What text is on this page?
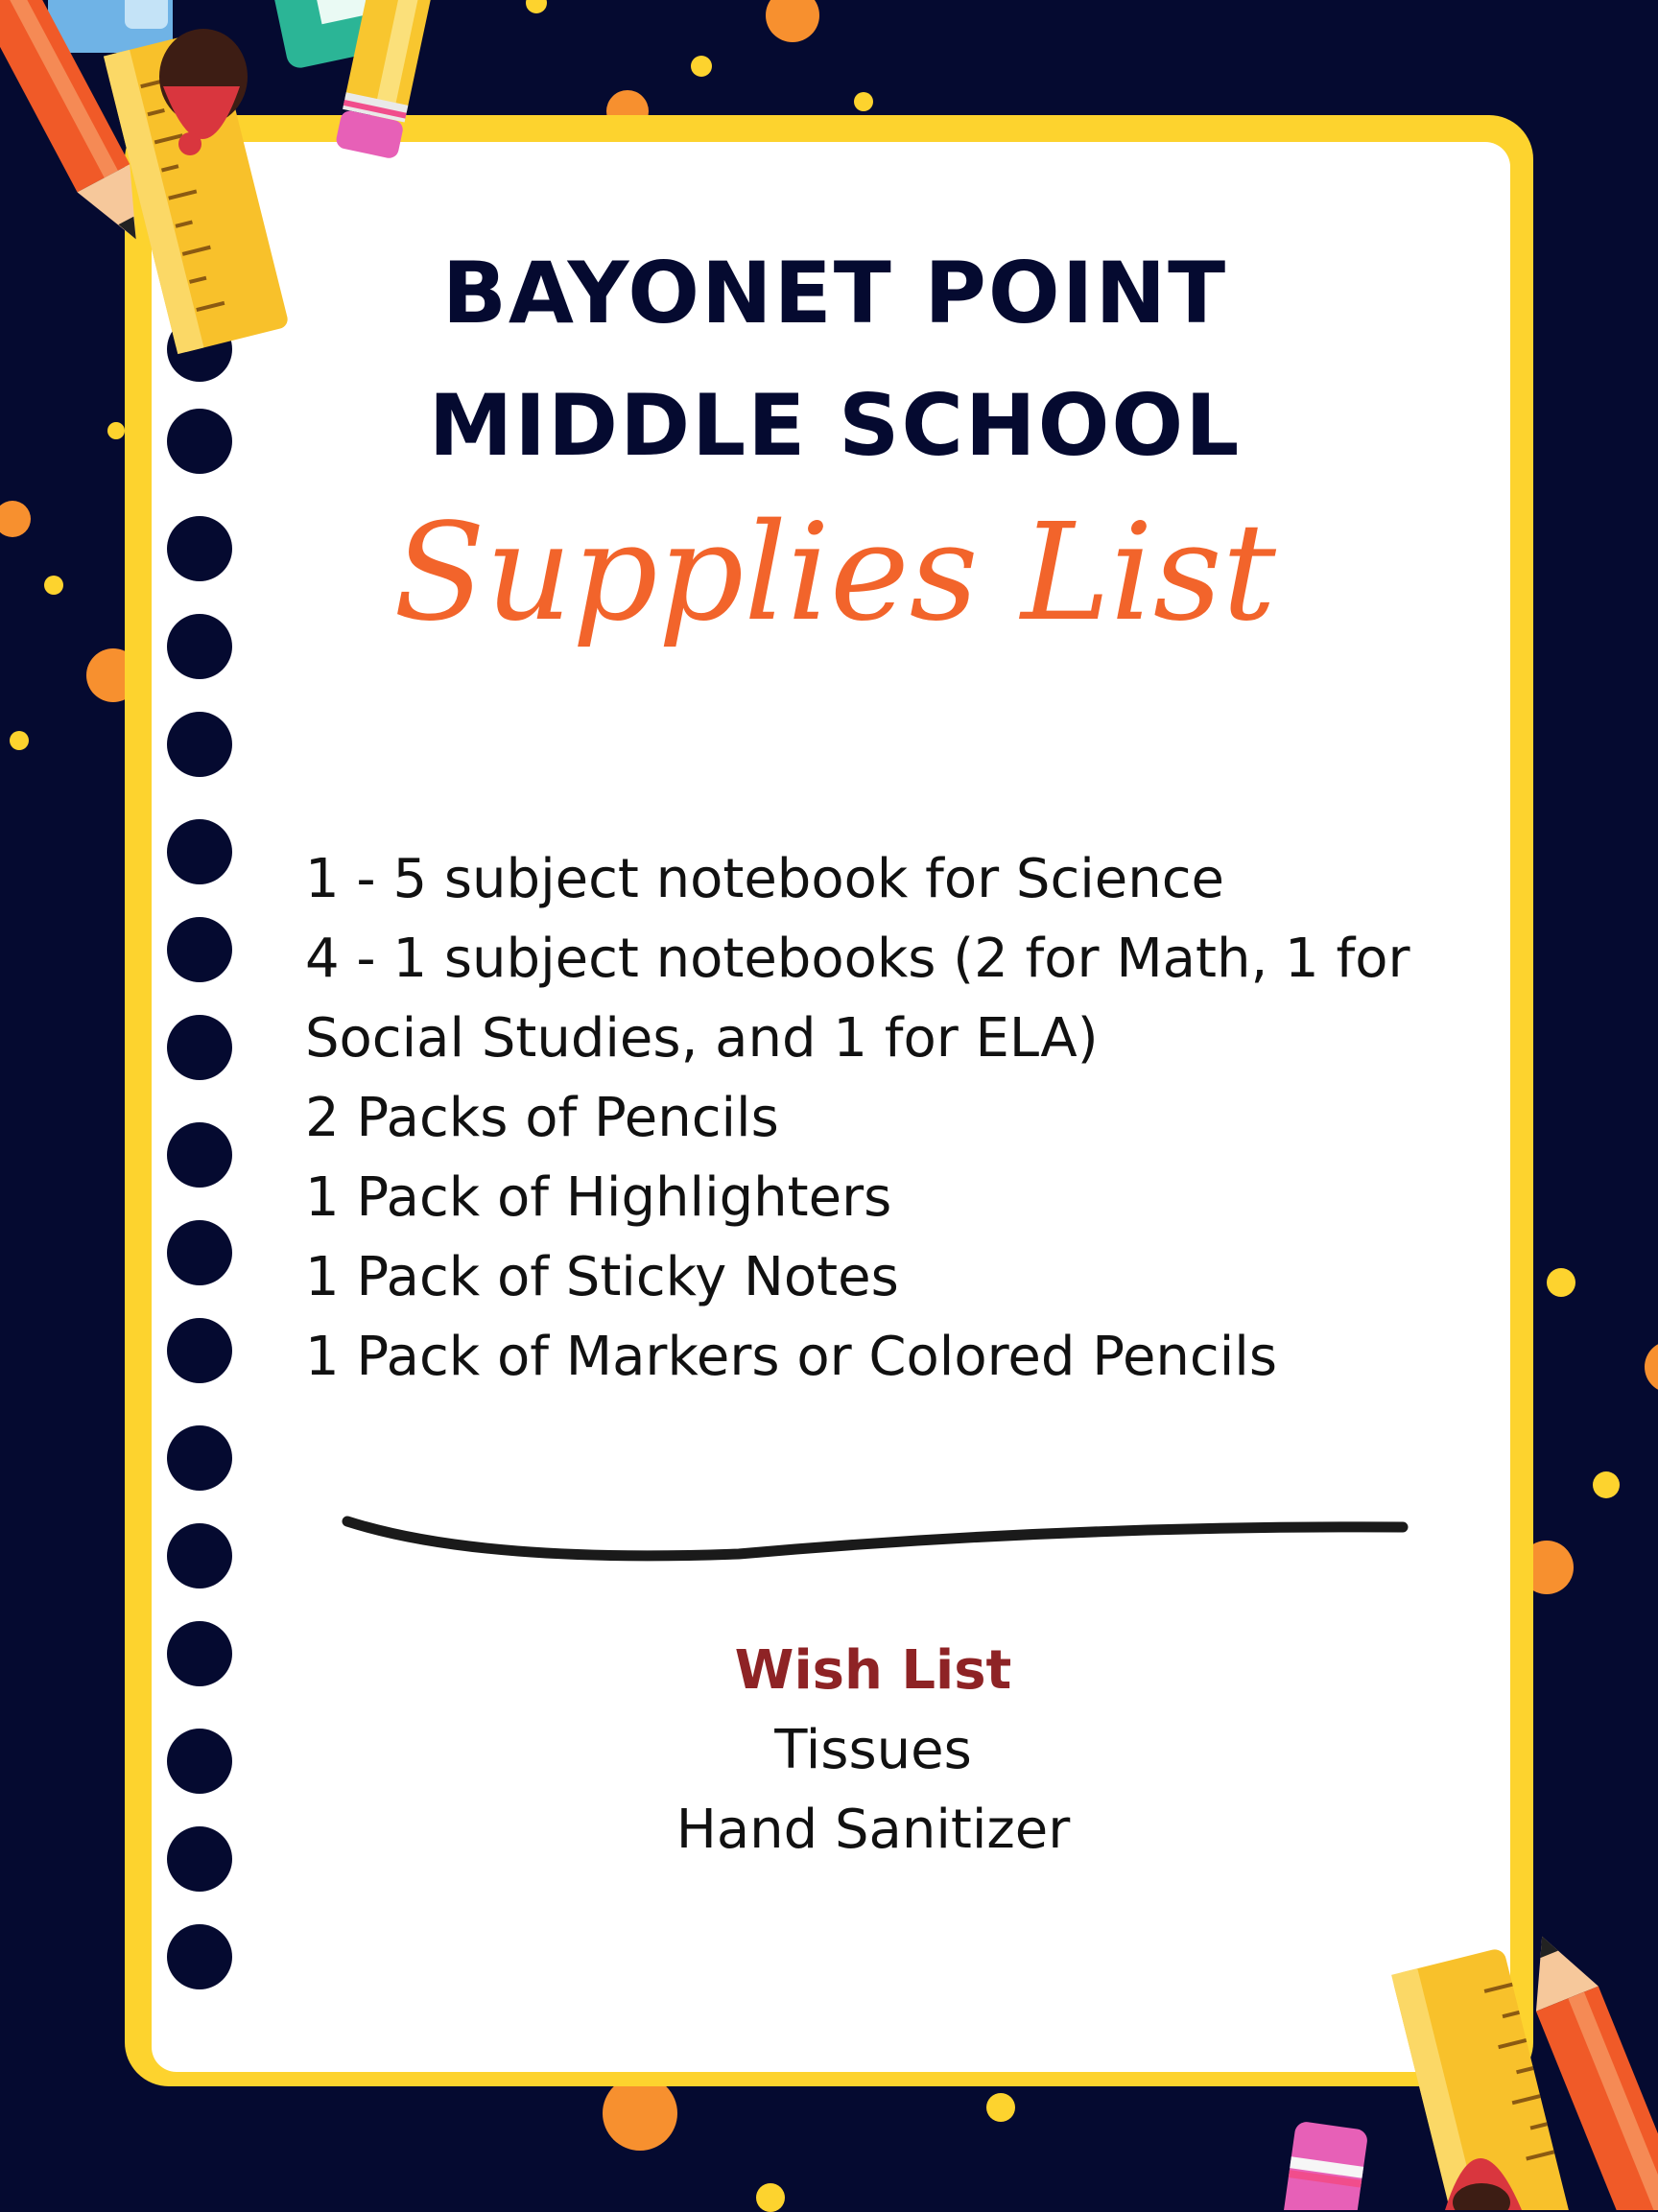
BAYONET POINT
MIDDLE SCHOOL
Supplies List
1 - 5 subject notebook for Science
4 - 1 subject notebooks (2 for Math, 1 for
Social Studies, and 1 for ELA)
2 Packs of Pencils
1 Pack of Highlighters
1 Pack of Sticky Notes
1 Pack of Markers or Colored Pencils
Wish List
Tissues
Hand Sanitizer
